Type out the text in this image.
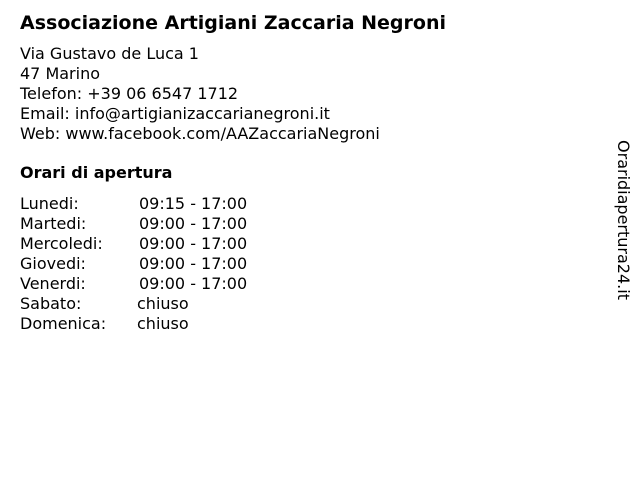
Associazione Artigiani Zaccaria Negroni
Via Gustavo de Luca 1
47 Marino
Telefon: +39 06 6547 1712
Email: info@artigianizaccarianegroni.it
Web: www.facebook.com/AAZaccariaNegroni
Orari di apertura
Lunedi:	09:15 - 17:00
Martedi:	09:00 - 17:00
Mercoledi: 09:00 - 17:00
Giovedi:	09:00 - 17:00
Venerdi:	09:00 - 17:00
Sabato:	chiuso
Domenica: chiuso
Oraridiapertura24.it
